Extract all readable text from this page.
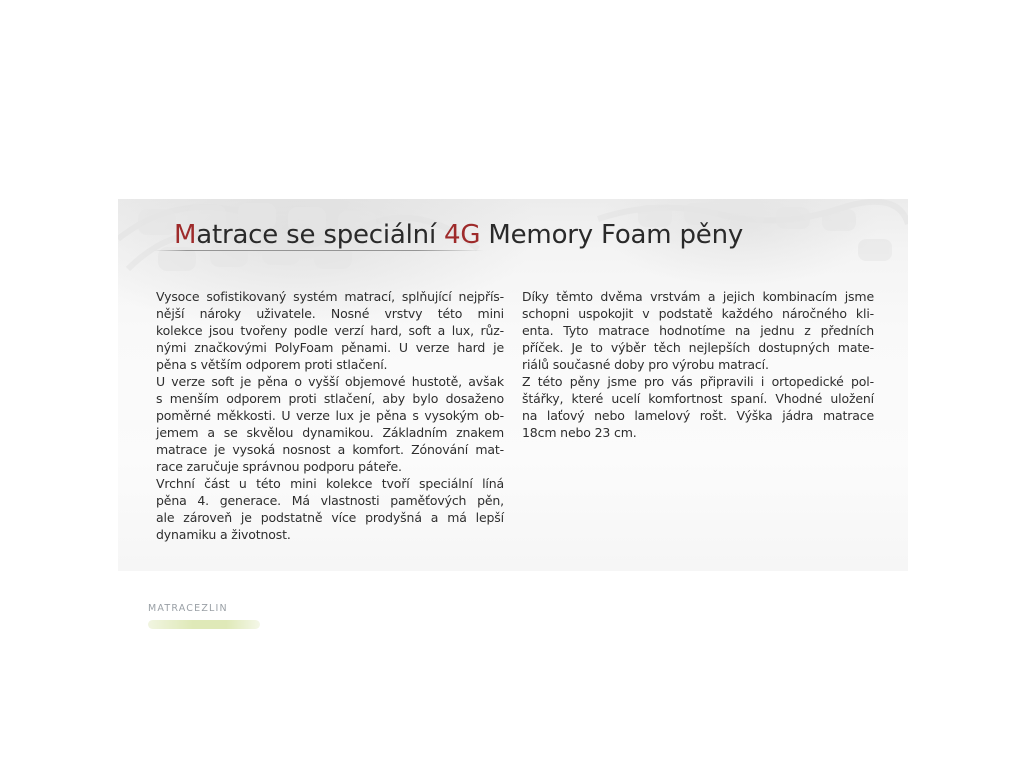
Matrace se speciální 4G Memory Foam pěny
Vysoce sofistikovaný systém matrací, splňující nejpřís-
nější nároky uživatele. Nosné vrstvy této mini
kolekce jsou tvořeny podle verzí hard, soft a lux, růz-
nými značkovými PolyFoam pěnami. U verze hard je
pěna s větším odporem proti stlačení.
U verze soft je pěna o vyšší objemové hustotě, avšak
s menším odporem proti stlačení, aby bylo dosaženo
poměrné měkkosti. U verze lux je pěna s vysokým ob-
jemem a se skvělou dynamikou. Základním znakem
matrace je vysoká nosnost a komfort. Zónování mat-
race zaručuje správnou podporu páteře.
Vrchní část u této mini kolekce tvoří speciální líná
pěna 4. generace. Má vlastnosti paměťových pěn,
ale zároveň je podstatně více prodyšná a má lepší
dynamiku a životnost.
Díky těmto dvěma vrstvám a jejich kombinacím jsme
schopni uspokojit v podstatě každého náročného kli-
enta. Tyto matrace hodnotíme na jednu z předních
příček. Je to výběr těch nejlepších dostupných mate-
riálů současné doby pro výrobu matrací.
Z této pěny jsme pro vás připravili i ortopedické pol-
štářky, které ucelí komfortnost spaní. Vhodné uložení
na laťový nebo lamelový rošt. Výška jádra matrace
18cm nebo 23 cm.
MATRACEZLIN
